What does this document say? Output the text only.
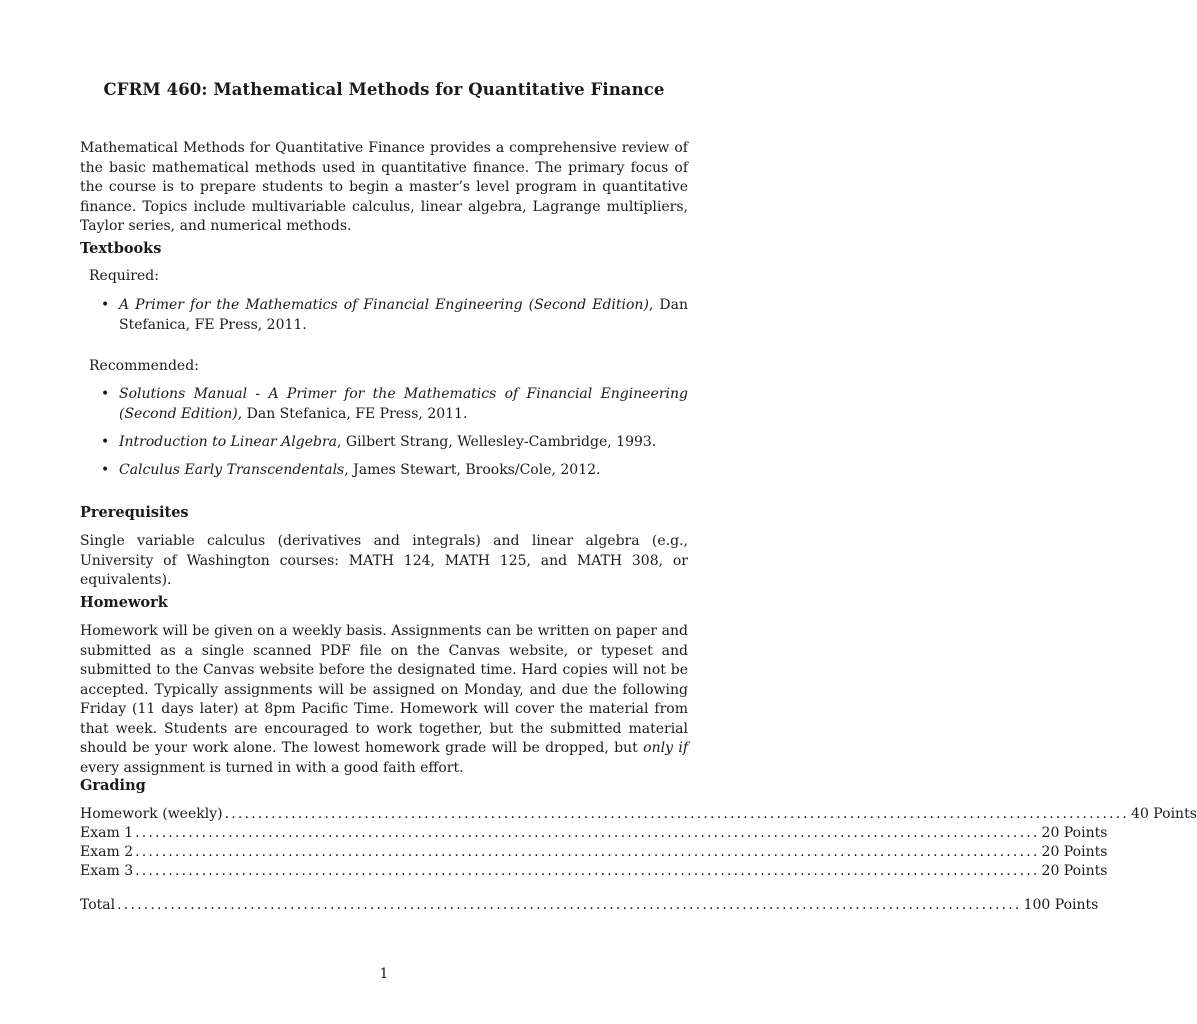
CFRM 460: Mathematical Methods for Quantitative Finance

Mathematical Methods for Quantitative Finance provides a comprehensive review of the basic mathematical methods used in quantitative finance. The primary focus of the course is to prepare students to begin a master’s level program in quantitative finance. Topics include multivariable calculus, linear algebra, Lagrange multipliers, Taylor series, and numerical methods.

Textbooks

Required:

• A Primer for the Mathematics of Financial Engineering (Second Edition), Dan Stefanica, FE Press, 2011.

Recommended:

• Solutions Manual - A Primer for the Mathematics of Financial Engineering (Second Edition), Dan Stefanica, FE Press, 2011.
• Introduction to Linear Algebra, Gilbert Strang, Wellesley-Cambridge, 1993.
• Calculus Early Transcendentals, James Stewart, Brooks/Cole, 2012.
Prerequisites

Single variable calculus (derivatives and integrals) and linear algebra (e.g., University of Washington courses: MATH 124, MATH 125, and MATH 308, or equivalents).

Homework

Homework will be given on a weekly basis. Assignments can be written on paper and submitted as a single scanned PDF file on the Canvas website, or typeset and submitted to the Canvas website before the designated time. Hard copies will not be accepted. Typically assignments will be assigned on Monday, and due the following Friday (11 days later) at 8pm Pacific Time. Homework will cover the material from that week. Students are encouraged to work together, but the submitted material should be your work alone. The lowest homework grade will be dropped, but only if every assignment is turned in with a good faith effort.

Grading
Homework (weekly) ........................................................................................................................................ 40 Points
Exam 1 ........................................................................................................................................ 20 Points
Exam 2 ........................................................................................................................................ 20 Points
Exam 3 ........................................................................................................................................ 20 Points
Total ........................................................................................................................................ 100 Points
1
